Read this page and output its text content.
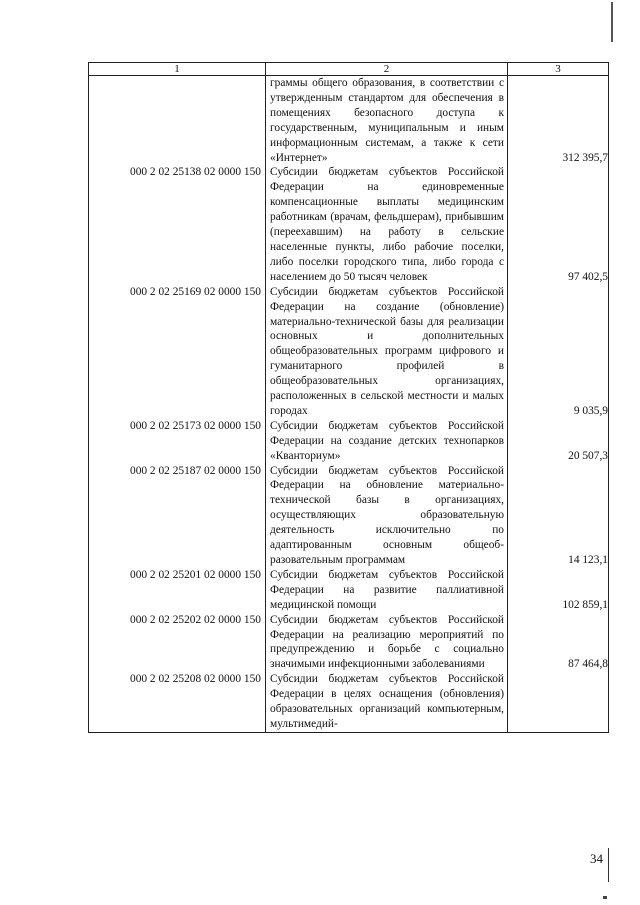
1	2	3
	граммы общего образования, в соответствии с утвержденным стандартом для обеспечения в помещениях безопасного доступа к государственным, муниципальным и иным информационным системам, а также к сети «Интернет»	312 395,7
000 2 02 25138 02 0000 150	Субсидии бюджетам субъектов Российской Федерации на единовременные компенсационные выплаты медицинским работникам (врачам, фельдшерам), прибывшим (переехавшим) на работу в сельские населенные пункты, либо рабочие поселки, либо поселки городского типа, либо города с населением до 50 тысяч человек	97 402,5
000 2 02 25169 02 0000 150	Субсидии бюджетам субъектов Российской Федерации на создание (обновление) материально-технической базы для реализации основных и дополнительных общеобразовательных программ цифрового и гуманитарного профилей в общеобразовательных организациях, расположенных в сельской местности и малых городах	9 035,9
000 2 02 25173 02 0000 150	Субсидии бюджетам субъектов Российской Федерации на создание детских технопарков «Кванториум»	20 507,3
000 2 02 25187 02 0000 150	Субсидии бюджетам субъектов Российской Федерации на обновление материально-технической базы в организациях, осуществляющих образовательную деятельность исключительно по адаптированным основным общеобразовательным программам	14 123,1
000 2 02 25201 02 0000 150	Субсидии бюджетам субъектов Российской Федерации на развитие паллиативной медицинской помощи	102 859,1
000 2 02 25202 02 0000 150	Субсидии бюджетам субъектов Российской Федерации на реализацию мероприятий по предупреждению и борьбе с социально значимыми инфекционными заболеваниями	87 464,8
000 2 02 25208 02 0000 150	Субсидии бюджетам субъектов Российской Федерации в целях оснащения (обновления) образовательных организаций компьютерным, мультимедий-	
34
